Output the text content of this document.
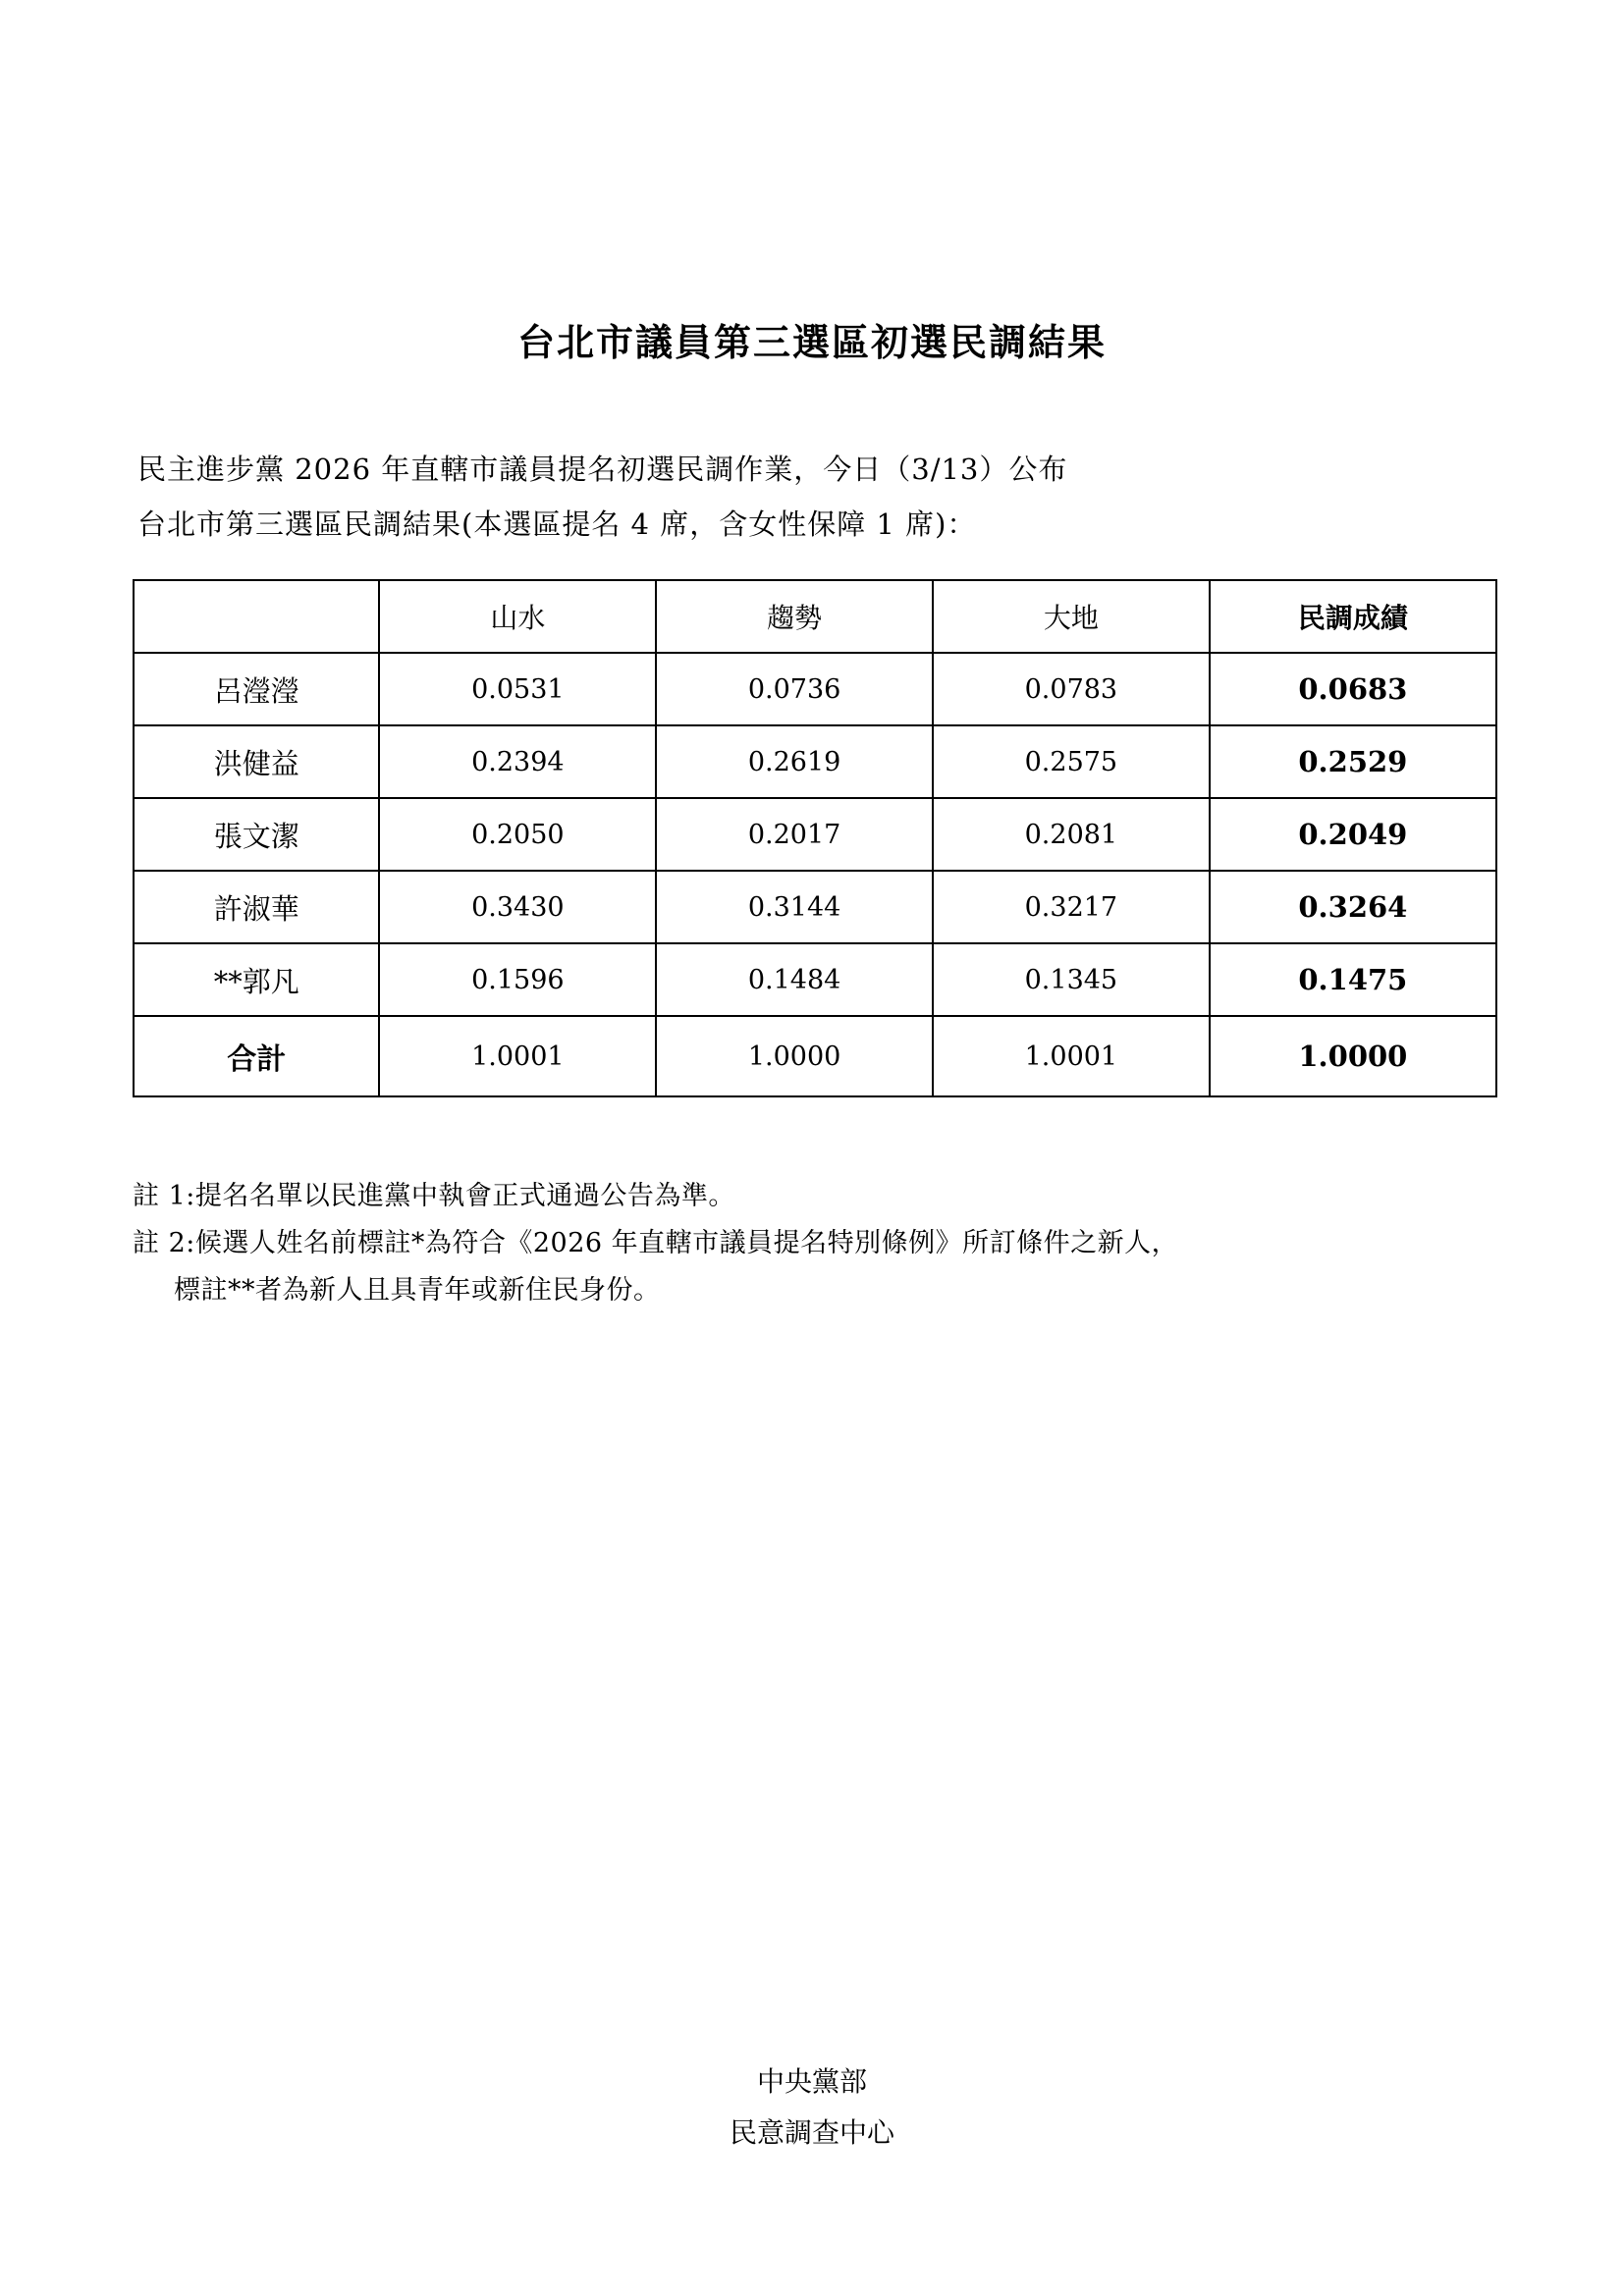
台北市議員第三選區初選民調結果
民主進步黨 2026 年直轄市議員提名初選民調作業，今日（3/13）公布
台北市第三選區民調結果(本選區提名 4 席，含女性保障 1 席)：
	山水	趨勢	大地	民調成績
呂瀅瀅	0.0531	0.0736	0.0783	0.0683
洪健益	0.2394	0.2619	0.2575	0.2529
張文潔	0.2050	0.2017	0.2081	0.2049
許淑華	0.3430	0.3144	0.3217	0.3264
**郭凡	0.1596	0.1484	0.1345	0.1475
合計	1.0001	1.0000	1.0001	1.0000
註 1:提名名單以民進黨中執會正式通過公告為準。
註 2:候選人姓名前標註*為符合《2026 年直轄市議員提名特別條例》所訂條件之新人，
標註**者為新人且具青年或新住民身份。
中央黨部
民意調查中心
